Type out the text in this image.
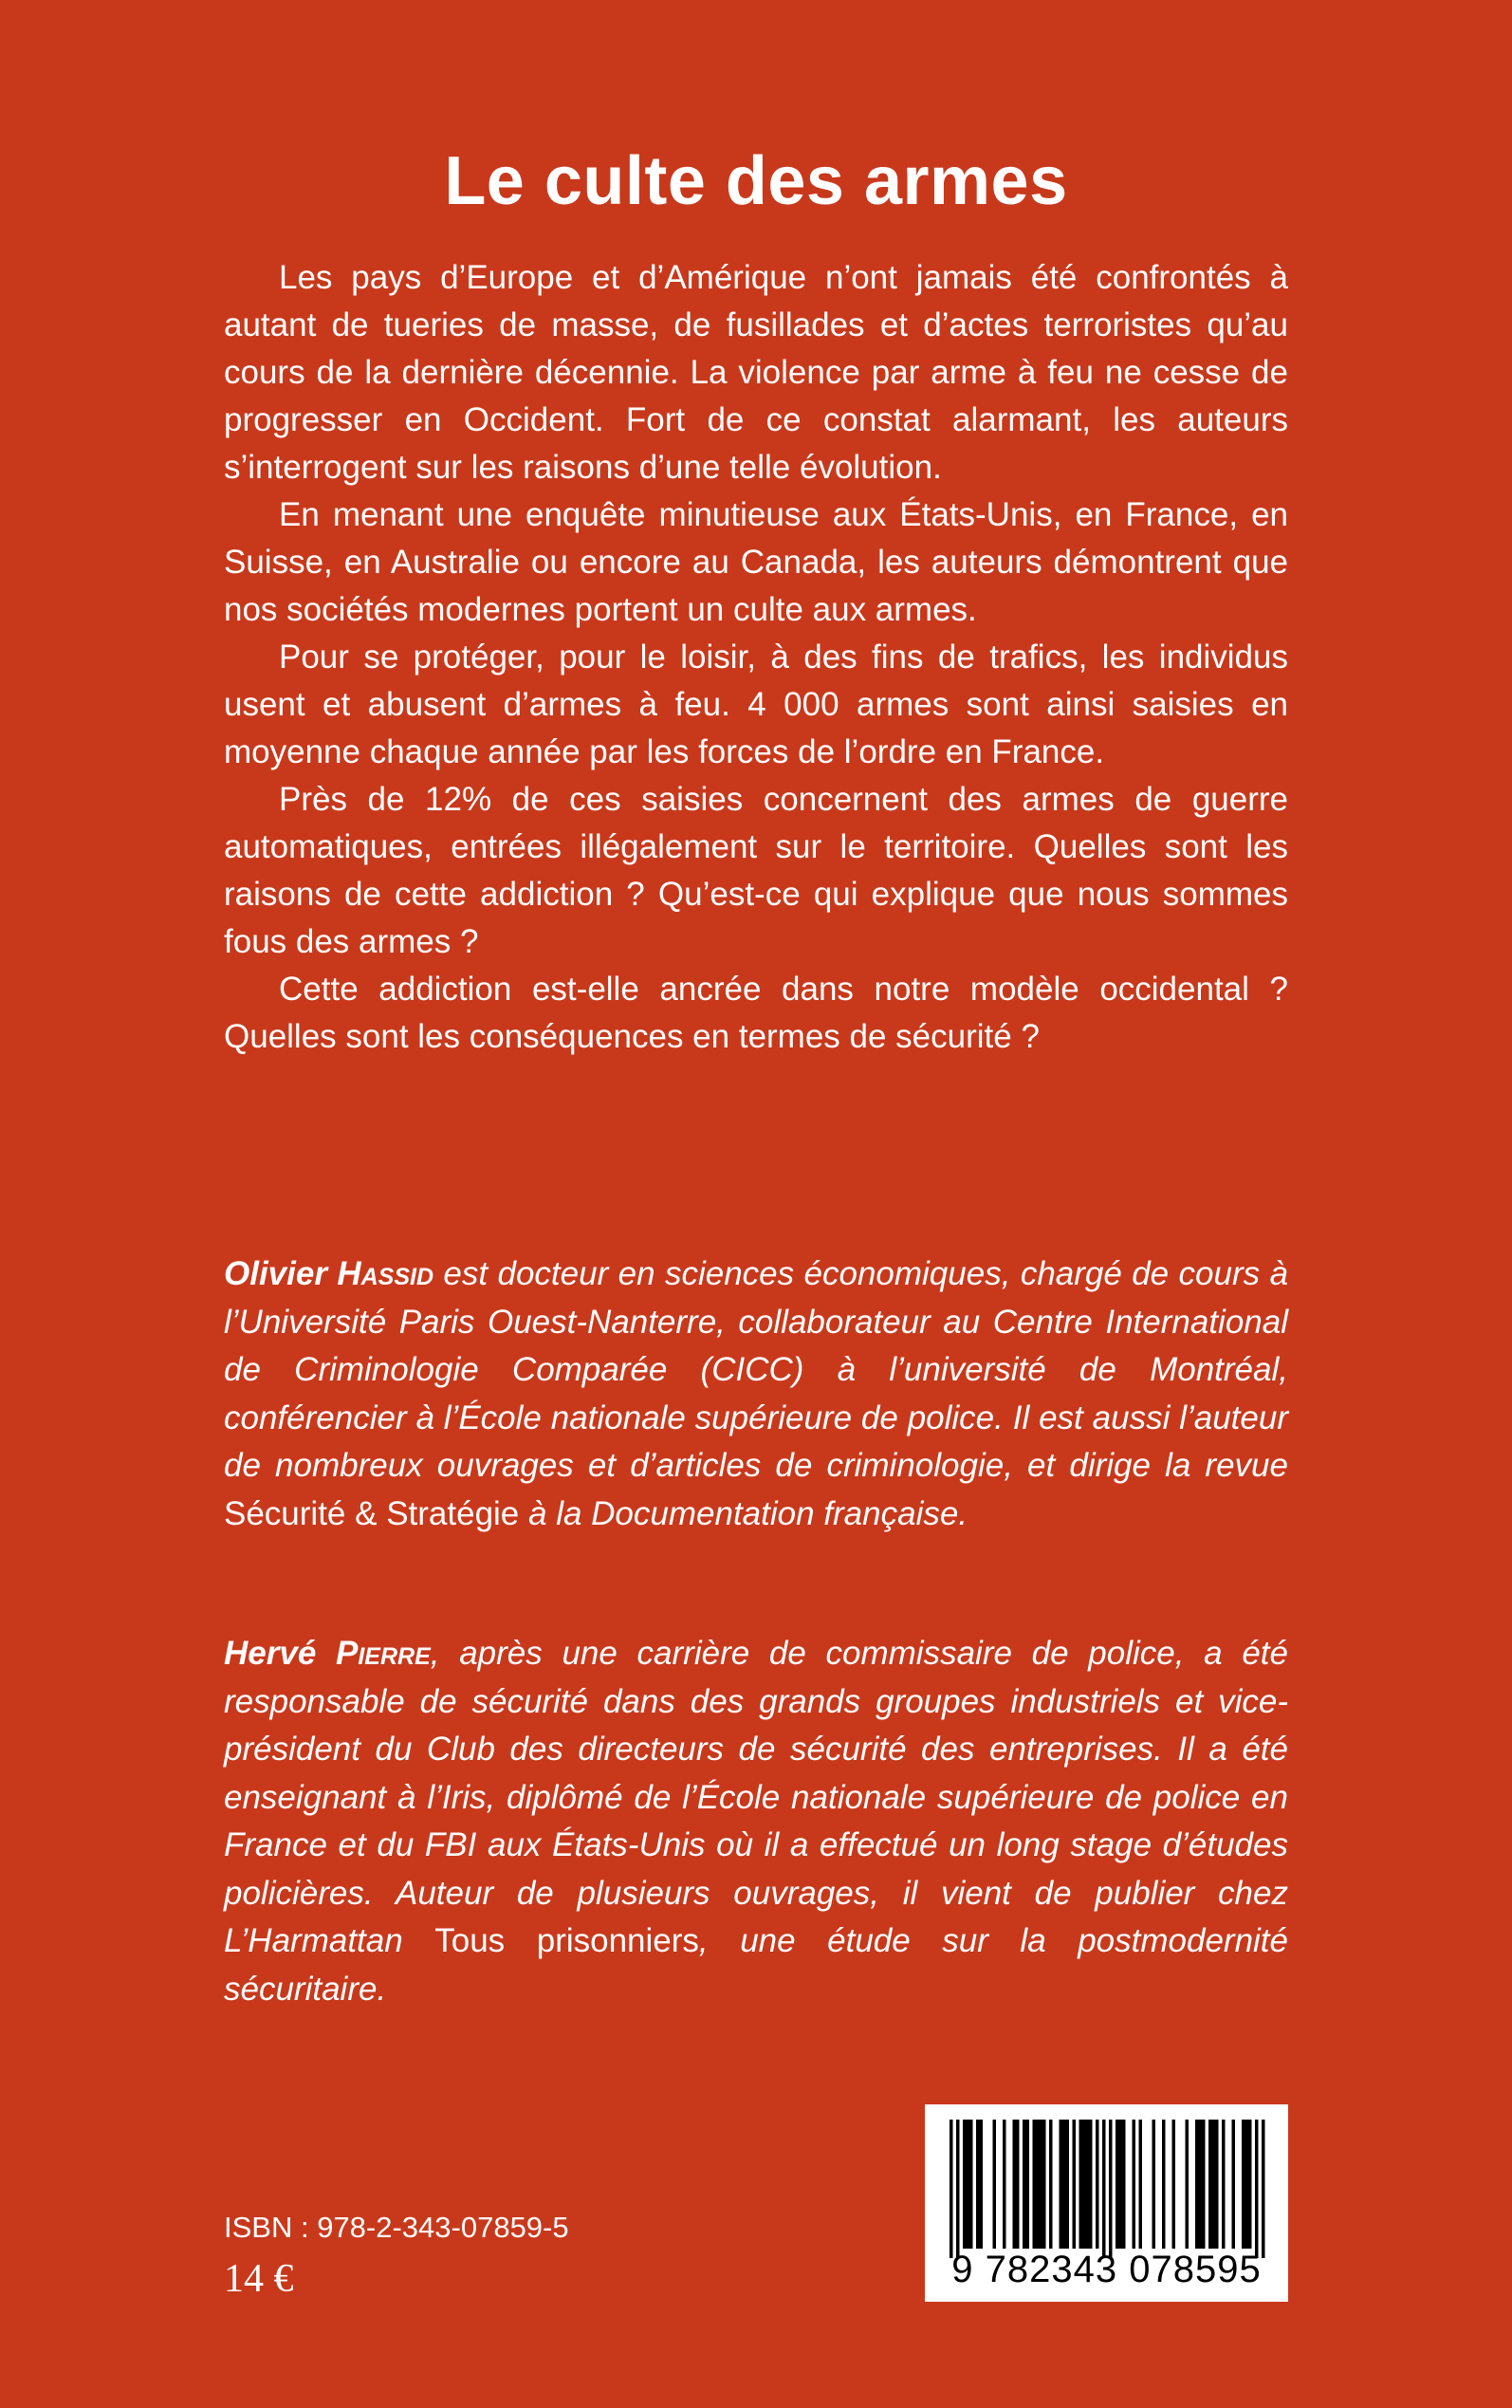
Le culte des armes

Les pays d’Europe et d’Amérique n’ont jamais été confrontés à autant de tueries de masse, de fusillades et d’actes terroristes qu’au cours de la dernière décennie. La violence par arme à feu ne cesse de progresser en Occident. Fort de ce constat alarmant, les auteurs s’interrogent sur les raisons d’une telle évolution.

En menant une enquête minutieuse aux États-Unis, en France, en Suisse, en Australie ou encore au Canada, les auteurs démontrent que nos sociétés modernes portent un culte aux armes.

Pour se protéger, pour le loisir, à des fins de trafics, les individus usent et abusent d’armes à feu. 4 000 armes sont ainsi saisies en moyenne chaque année par les forces de l’ordre en France.

Près de 12% de ces saisies concernent des armes de guerre automatiques, entrées illégalement sur le territoire. Quelles sont les raisons de cette addiction ? Qu’est-ce qui explique que nous sommes fous des armes ?

Cette addiction est-elle ancrée dans notre modèle occidental ? Quelles sont les conséquences en termes de sécurité ?

Olivier Hassid est docteur en sciences économiques, chargé de cours à l’Université Paris Ouest-Nanterre, collaborateur au Centre International de Criminologie Comparée (CICC) à l’université de Montréal, conférencier à l’École nationale supérieure de police. Il est aussi l’auteur de nombreux ouvrages et d’articles de criminologie, et dirige la revue Sécurité & Stratégie à la Documentation française.

Hervé Pierre, après une carrière de commissaire de police, a été responsable de sécurité dans des grands groupes industriels et vice-président du Club des directeurs de sécurité des entreprises. Il a été enseignant à l’Iris, diplômé de l’École nationale supérieure de police en France et du FBI aux États-Unis où il a effectué un long stage d’études policières. Auteur de plusieurs ouvrages, il vient de publier chez L’Harmattan Tous prisonniers, une étude sur la postmodernité sécuritaire.

ISBN : 978-2-343-07859-5

14 €	9 782343 078595
